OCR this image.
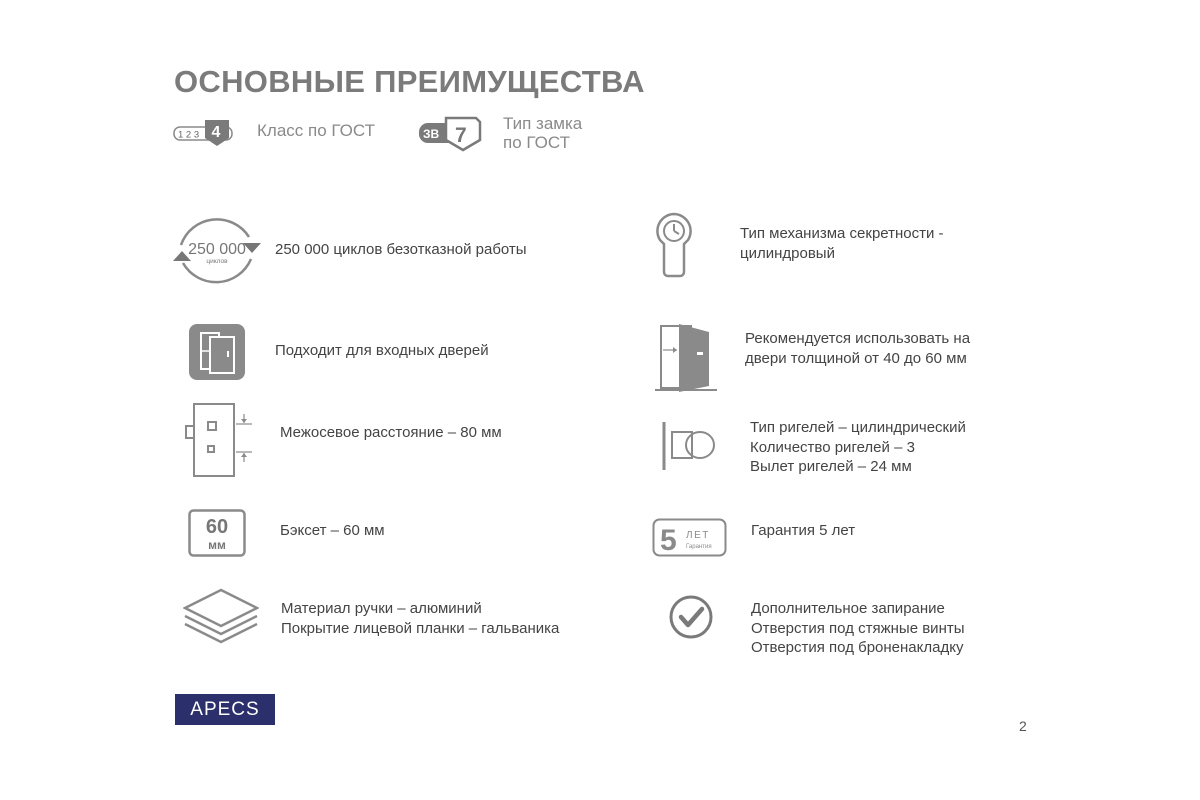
ОСНОВНЫЕ ПРЕИМУЩЕСТВА
1 2 3 4 Класс по ГОСТ	ЗВ 7
Тип замка
по ГОСТ
250 000
циклов
60
мм
250 000 циклов безотказной работы
Подходит для входных дверей
Межосевое расстояние – 80 мм
Бэксет – 60 мм
Материал ручки – алюминий
Покрытие лицевой планки – гальваника
5 ЛЕТ
Гарантия
Тип механизма секретности -
цилиндровый
Рекомендуется использовать на
двери толщиной от 40 до 60 мм
Тип ригелей – цилиндрический
Количество ригелей – 3
Вылет ригелей – 24 мм
Гарантия 5 лет
Дополнительное запирание
Отверстия под стяжные винты
Отверстия под броненакладку
APECS
2
